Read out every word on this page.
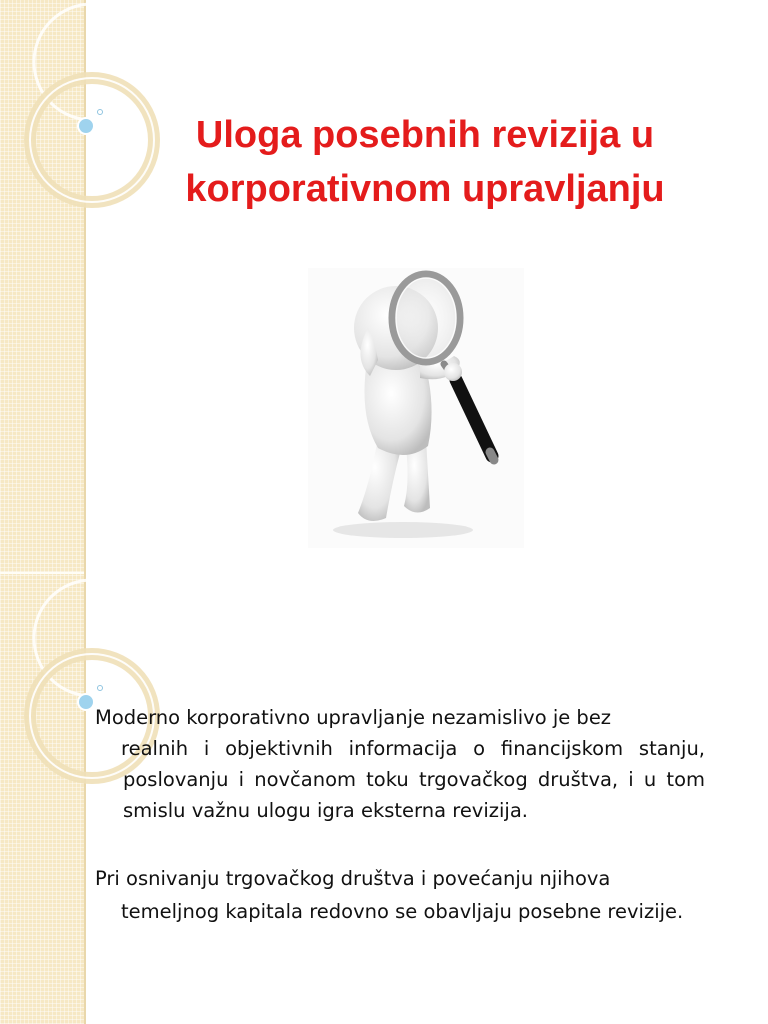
Uloga posebnih revizija u
korporativnom upravljanju

Moderno korporativno upravljanje nezamislivo je bez
realnih i objektivnih informacija o financijskom stanju, poslovanju i novčanom toku trgovačkog društva, i u tom smislu važnu ulogu igra eksterna revizija.

Pri osnivanju trgovačkog društva i povećanju njihova
temeljnog kapitala redovno se obavljaju posebne revizije.
